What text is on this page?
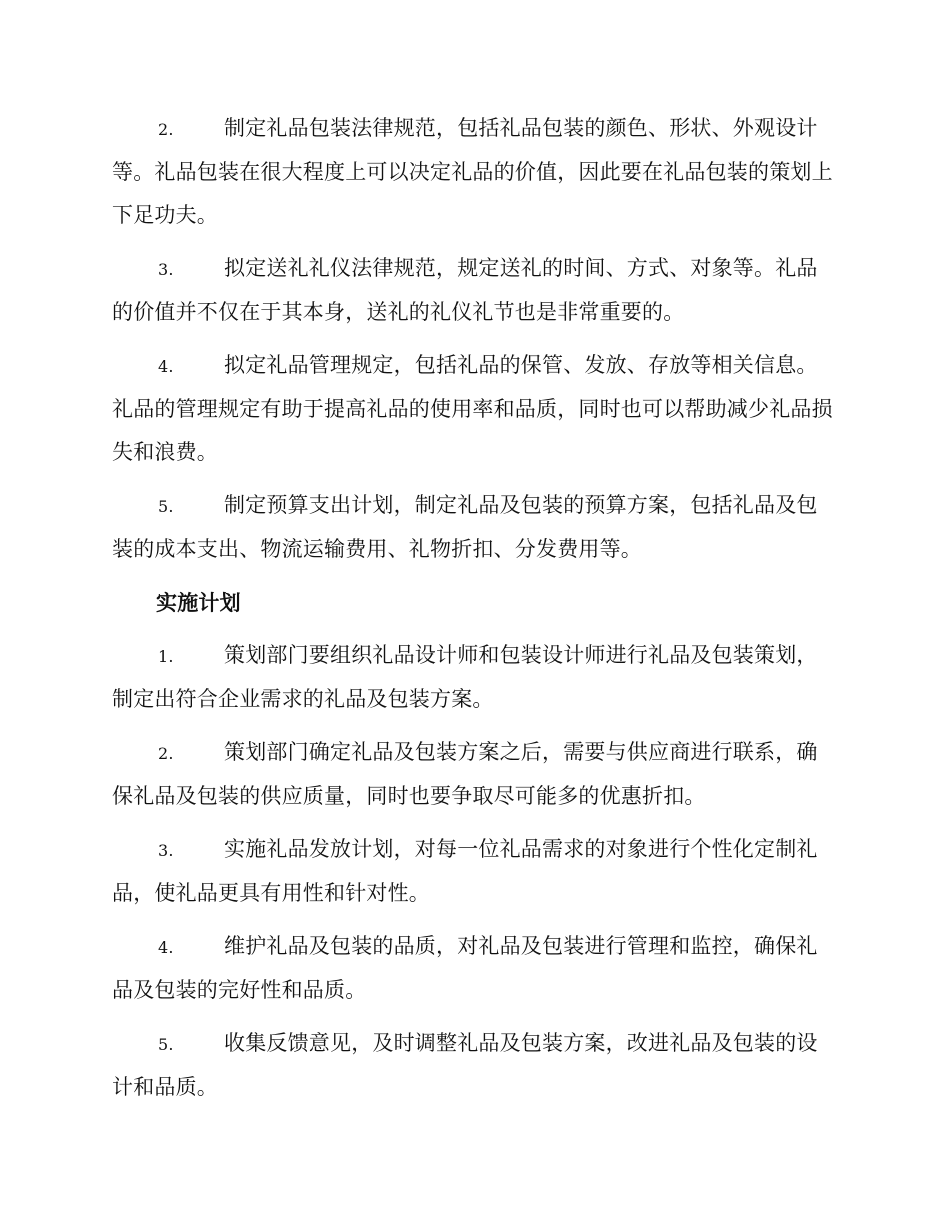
2. 制定礼品包装法律规范，包括礼品包装的颜色、形状、外观设计等。礼品包装在很大程度上可以决定礼品的价值，因此要在礼品包装的策划上下足功夫。

3. 拟定送礼礼仪法律规范，规定送礼的时间、方式、对象等。礼品的价值并不仅在于其本身，送礼的礼仪礼节也是非常重要的。

4. 拟定礼品管理规定，包括礼品的保管、发放、存放等相关信息。礼品的管理规定有助于提高礼品的使用率和品质，同时也可以帮助减少礼品损失和浪费。

5. 制定预算支出计划，制定礼品及包装的预算方案，包括礼品及包装的成本支出、物流运输费用、礼物折扣、分发费用等。

实施计划

1. 策划部门要组织礼品设计师和包装设计师进行礼品及包装策划，制定出符合企业需求的礼品及包装方案。

2. 策划部门确定礼品及包装方案之后，需要与供应商进行联系，确保礼品及包装的供应质量，同时也要争取尽可能多的优惠折扣。

3. 实施礼品发放计划，对每一位礼品需求的对象进行个性化定制礼品，使礼品更具有用性和针对性。

4. 维护礼品及包装的品质，对礼品及包装进行管理和监控，确保礼品及包装的完好性和品质。

5. 收集反馈意见，及时调整礼品及包装方案，改进礼品及包装的设计和品质。
